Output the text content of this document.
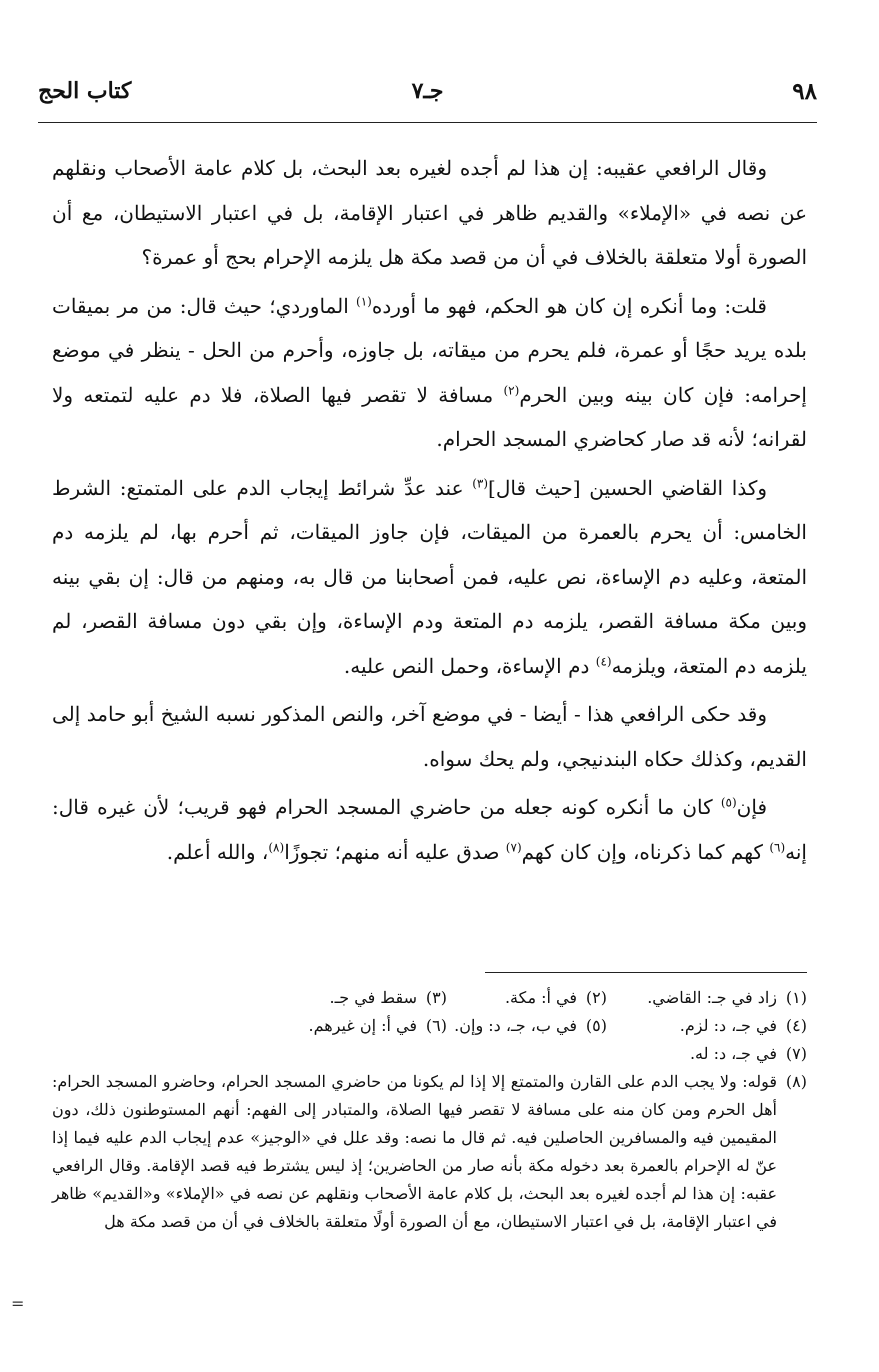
٩٨
جـ٧
كتاب الحج

وقال الرافعي عقيبه: إن هذا لم أجده لغيره بعد البحث، بل كلام عامة الأصحاب ونقلهم عن نصه في «الإملاء» والقديم ظاهر في اعتبار الإقامة، بل في اعتبار الاستيطان، مع أن الصورة أولا متعلقة بالخلاف في أن من قصد مكة هل يلزمه الإحرام بحج أو عمرة؟

قلت: وما أنكره إن كان هو الحكم، فهو ما أورده$^{(١)}$ الماوردي؛ حيث قال: من مر بميقات بلده يريد حجًا أو عمرة، فلم يحرم من ميقاته، بل جاوزه، وأحرم من الحل - ينظر في موضع إحرامه: فإن كان بينه وبين الحرم$^{(٢)}$ مسافة لا تقصر فيها الصلاة، فلا دم عليه لتمتعه ولا لقرانه؛ لأنه قد صار كحاضري المسجد الحرام.

وكذا القاضي الحسين [حيث قال]$^{(٣)}$ عند عدِّ شرائط إيجاب الدم على المتمتع: الشرط الخامس: أن يحرم بالعمرة من الميقات، فإن جاوز الميقات، ثم أحرم بها، لم يلزمه دم المتعة، وعليه دم الإساءة، نص عليه، فمن أصحابنا من قال به، ومنهم من قال: إن بقي بينه وبين مكة مسافة القصر، يلزمه دم المتعة ودم الإساءة، وإن بقي دون مسافة القصر، لم يلزمه دم المتعة، ويلزمه$^{(٤)}$ دم الإساءة، وحمل النص عليه.

وقد حكى الرافعي هذا - أيضا - في موضع آخر، والنص المذكور نسبه الشيخ أبو حامد إلى القديم، وكذلك حكاه البندنيجي، ولم يحك سواه.

فإن$^{(٥)}$ كان ما أنكره كونه جعله من حاضري المسجد الحرام فهو قريب؛ لأن غيره قال: إنه$^{(٦)}$ كهم كما ذكرناه، وإن كان كهم$^{(٧)}$ صدق عليه أنه منهم؛ تجوزًا$^{(٨)}$، والله أعلم.

(١)زاد في جـ: القاضي.
(٢)في أ: مكة.
(٣)سقط في جـ.
(٤)في جـ، د: لزم.
(٥)في ب، جـ، د: وإن.
(٦)في أ: إن غيرهم.
(٧)في جـ، د: له.
(٨)
قوله: ولا يجب الدم على القارن والمتمتع إلا إذا لم يكونا من حاضري المسجد الحرام، وحاضرو المسجد الحرام: أهل الحرم ومن كان منه على مسافة لا تقصر فيها الصلاة، والمتبادر إلى الفهم: أنهم المستوطنون ذلك، دون المقيمين فيه والمسافرين الحاصلين فيه. ثم قال ما نصه: وقد علل في «الوجيز» عدم إيجاب الدم عليه فيما إذا عنّ له الإحرام بالعمرة بعد دخوله مكة بأنه صار من الحاضرين؛ إذ ليس يشترط فيه قصد الإقامة. وقال الرافعي عقبه: إن هذا لم أجده لغيره بعد البحث، بل كلام عامة الأصحاب ونقلهم عن نصه في «الإملاء» و«القديم» ظاهر في اعتبار الإقامة، بل في اعتبار الاستيطان، مع أن الصورة أولًا متعلقة بالخلاف في أن من قصد مكة هل
=
